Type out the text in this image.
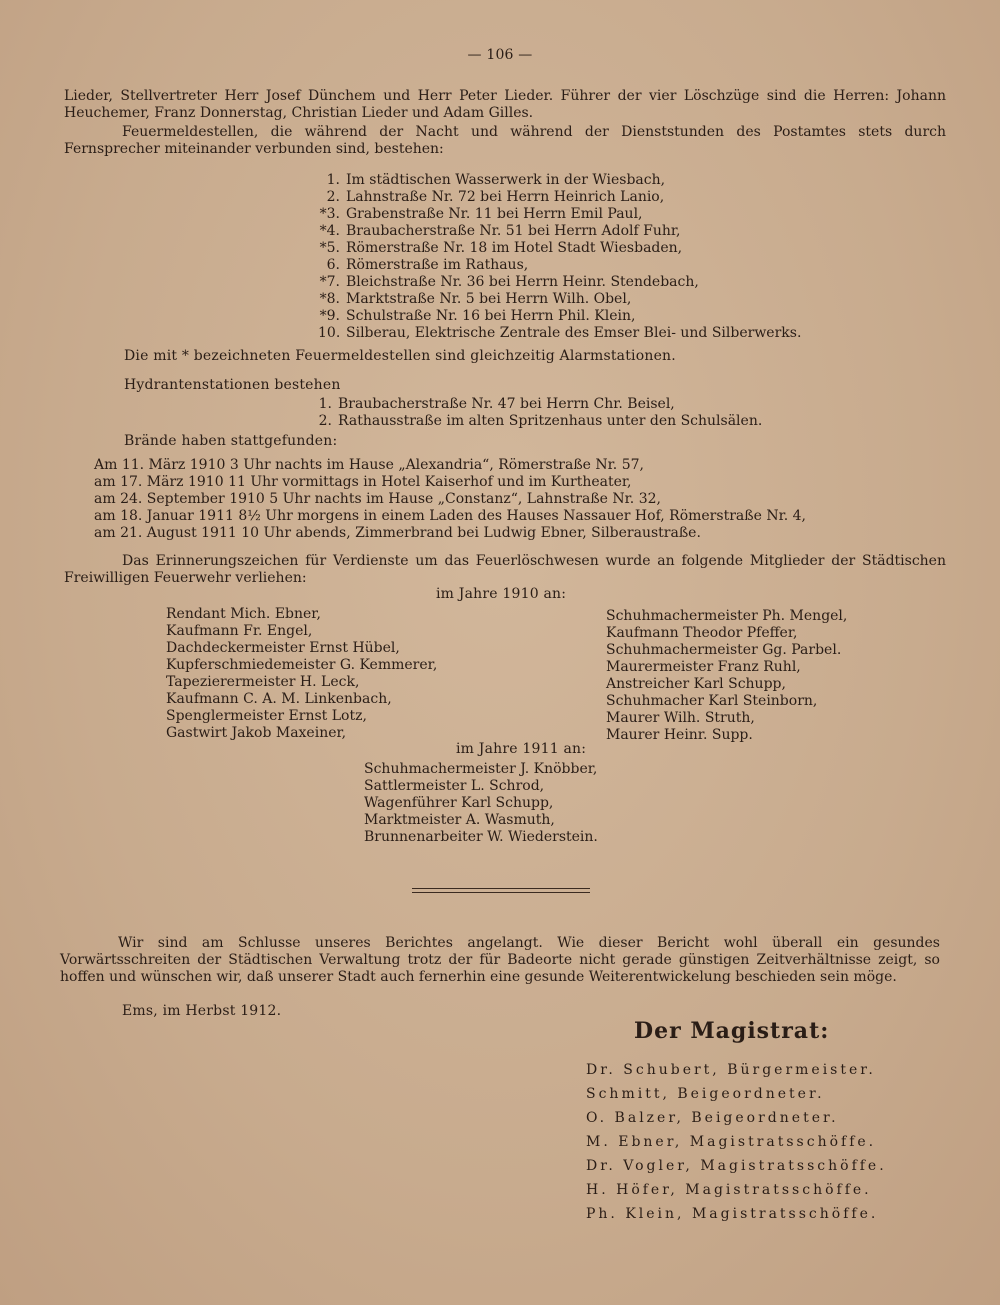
— 106 —

Lieder, Stellvertreter Herr Josef Dünchem und Herr Peter Lieder. Führer der vier Löschzüge sind die Herren: Johann Heuchemer, Franz Donnerstag, Christian Lieder und Adam Gilles.

Feuermeldestellen, die während der Nacht und während der Dienststunden des Postamtes stets durch Fernsprecher miteinander verbunden sind, bestehen:

1. Im städtischen Wasserwerk in der Wiesbach,
2. Lahnstraße Nr. 72 bei Herrn Heinrich Lanio,
*3. Grabenstraße Nr. 11 bei Herrn Emil Paul,
*4. Braubacherstraße Nr. 51 bei Herrn Adolf Fuhr,
*5. Römerstraße Nr. 18 im Hotel Stadt Wiesbaden,
6. Römerstraße im Rathaus,
*7. Bleichstraße Nr. 36 bei Herrn Heinr. Stendebach,
*8. Marktstraße Nr. 5 bei Herrn Wilh. Obel,
*9. Schulstraße Nr. 16 bei Herrn Phil. Klein,
10. Silberau, Elektrische Zentrale des Emser Blei- und Silberwerks.
Die mit * bezeichneten Feuermeldestellen sind gleichzeitig Alarmstationen.
Hydrantenstationen bestehen
1. Braubacherstraße Nr. 47 bei Herrn Chr. Beisel,
2. Rathausstraße im alten Spritzenhaus unter den Schulsälen.
Brände haben stattgefunden:
Am 11. März 1910 3 Uhr nachts im Hause „Alexandria“, Römerstraße Nr. 57,
am 17. März 1910 11 Uhr vormittags in Hotel Kaiserhof und im Kurtheater,
am 24. September 1910 5 Uhr nachts im Hause „Constanz“, Lahnstraße Nr. 32,
am 18. Januar 1911 8½ Uhr morgens in einem Laden des Hauses Nassauer Hof, Römerstraße Nr. 4,
am 21. August 1911 10 Uhr abends, Zimmerbrand bei Ludwig Ebner, Silberaustraße.
Das Erinnerungszeichen für Verdienste um das Feuerlöschwesen wurde an folgende Mitglieder der Städtischen Freiwilligen Feuerwehr verliehen:
im Jahre 1910 an:
Rendant Mich. Ebner,
Kaufmann Fr. Engel,
Dachdeckermeister Ernst Hübel,
Kupferschmiedemeister G. Kemmerer,
Tapezierermeister H. Leck,
Kaufmann C. A. M. Linkenbach,
Spenglermeister Ernst Lotz,
Gastwirt Jakob Maxeiner,
Schuhmachermeister Ph. Mengel,
Kaufmann Theodor Pfeffer,
Schuhmachermeister Gg. Parbel.
Maurermeister Franz Ruhl,
Anstreicher Karl Schupp,
Schuhmacher Karl Steinborn,
Maurer Wilh. Struth,
Maurer Heinr. Supp.
im Jahre 1911 an:
Schuhmachermeister J. Knöbber,
Sattlermeister L. Schrod,
Wagenführer Karl Schupp,
Marktmeister A. Wasmuth,
Brunnenarbeiter W. Wiederstein.
Wir sind am Schlusse unseres Berichtes angelangt. Wie dieser Bericht wohl überall ein gesundes Vorwärtsschreiten der Städtischen Verwaltung trotz der für Badeorte nicht gerade günstigen Zeitverhältnisse zeigt, so hoffen und wünschen wir, daß unserer Stadt auch fernerhin eine gesunde Weiterentwickelung beschieden sein möge.
Ems, im Herbst 1912.
Der Magistrat:
Dr. Schubert, Bürgermeister.
Schmitt, Beigeordneter.
O. Balzer, Beigeordneter.
M. Ebner, Magistratsschöffe.
Dr. Vogler, Magistratsschöffe.
H. Höfer, Magistratsschöffe.
Ph. Klein, Magistratsschöffe.
